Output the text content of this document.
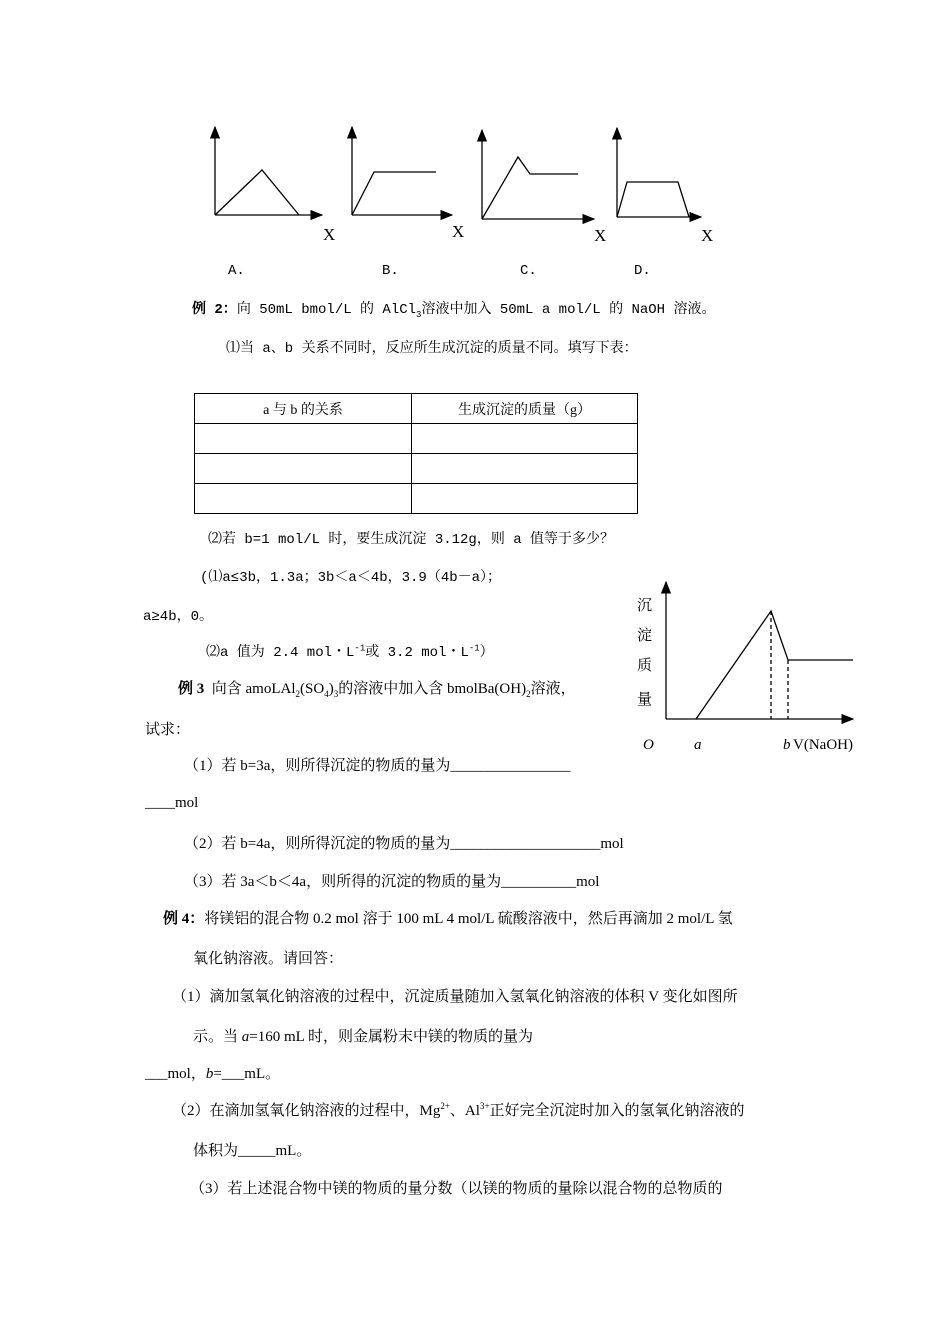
X	X	X	X
A.	B.	C.	D.
例 2：向 50mL bmol/L 的 AlCl$_3$溶液中加入 50mL a mol/L 的 NaOH 溶液。
⑴当 a、b 关系不同时，反应所生成沉淀的质量不同。填写下表：
a 与 b 的关系	生成沉淀的质量（g）

⑵若 b=1 mol/L 时，要生成沉淀 3.12g，则 a 值等于多少？
(⑴a≤3b，1.3a；3b＜a＜4b，3.9（4b－a）；
a≥4b，0。
⑵a 值为 2.4 mol・$L^{-1}$或 3.2 mol・$L^{-1}$）
例 3 向含 $amoLAl_2(SO_4)_3$的溶液中加入含 $bmolBa(OH)_2$溶液，
试求：
（1）若 b=3a，则所得沉淀的物质的量为________________
____mol
（2）若 b=4a，则所得沉淀的物质的量为____________________mol
（3）若 3a＜b＜4a，则所得的沉淀的物质的量为__________mol
沉
淀
质
量
O	a	b V(NaOH)
例 4：将镁铝的混合物 0.2 mol 溶于 100 mL 4 mol/L 硫酸溶液中，然后再滴加 2 mol/L 氢
氧化钠溶液。请回答：
（1）滴加氢氧化钠溶液的过程中，沉淀质量随加入氢氧化钠溶液的体积 V 变化如图所
示。当 a=160 mL 时，则金属粉末中镁的物质的量为
___mol，b=___mL。
（2）在滴加氢氧化钠溶液的过程中，$Mg^{2+}$、$Al^{3+}$正好完全沉淀时加入的氢氧化钠溶液的
体积为_____mL。
（3）若上述混合物中镁的物质的量分数（以镁的物质的量除以混合物的总物质的
